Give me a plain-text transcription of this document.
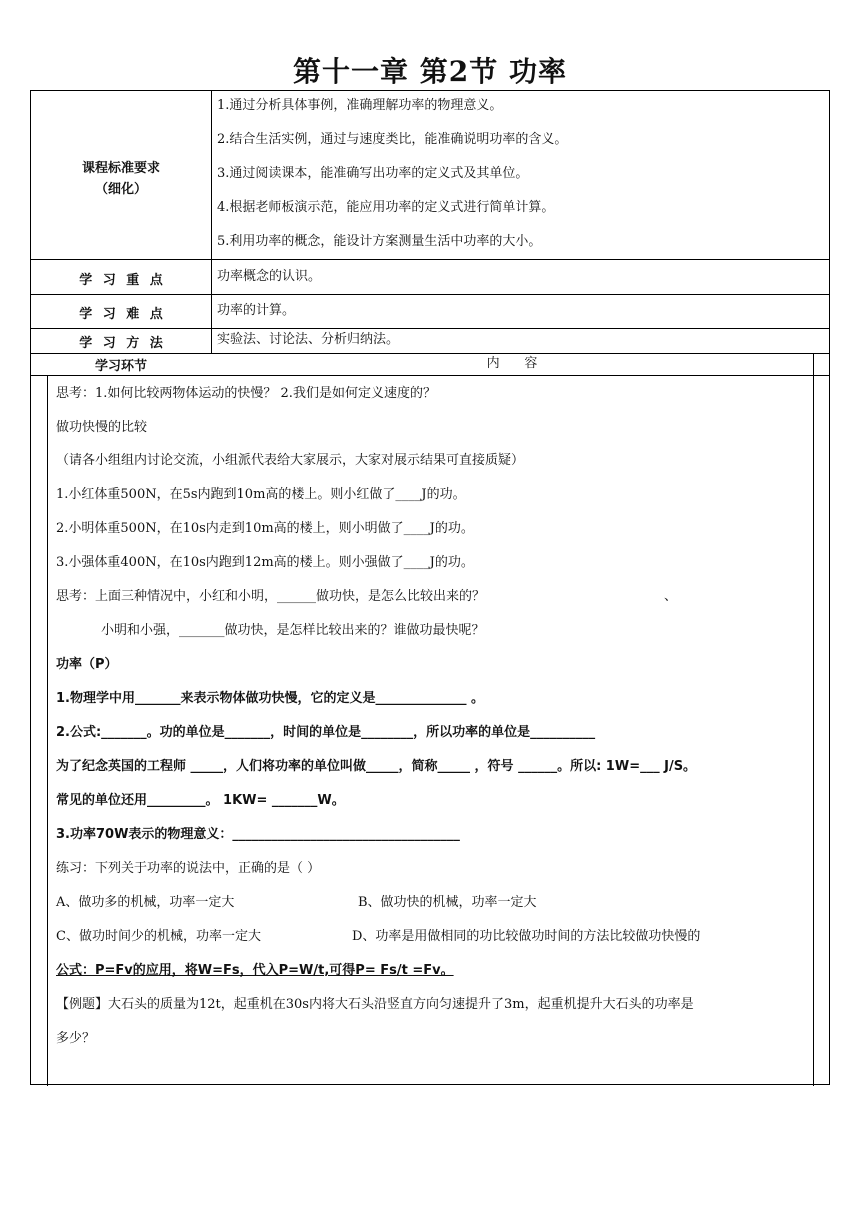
第十一章 第2节 功率
课程标准要求
（细化）
1.通过分析具体事例，准确理解功率的物理意义。
2.结合生活实例，通过与速度类比，能准确说明功率的含义。
3.通过阅读课本，能准确写出功率的定义式及其单位。
4.根据老师板演示范，能应用功率的定义式进行简单计算。
5.利用功率的概念，能设计方案测量生活中功率的大小。
学 习 重 点	功率概念的认识。
学 习 难 点	功率的计算。
学 习 方 法	实验法、讨论法、分析归纳法。
学习环节	内      容
思考：1.如何比较两物体运动的快慢？ 2.我们是如何定义速度的？
做功快慢的比较
（请各小组组内讨论交流，小组派代表给大家展示，大家对展示结果可直接质疑）
1.小红体重500N，在5s内跑到10m高的楼上。则小红做了____J的功。
2.小明体重500N，在10s内走到10m高的楼上，则小明做了____J的功。
3.小强体重400N，在10s内跑到12m高的楼上。则小强做了____J的功。
思考：上面三种情况中，小红和小明，______做功快，是怎么比较出来的？	、
小明和小强，_______做功快，是怎样比较出来的？谁做功最快呢？
功率（P）
1.物理学中用_______来表示物体做功快慢，它的定义是______________ 。
2.公式:_______。功的单位是_______，时间的单位是________，所以功率的单位是__________
为了纪念英国的工程师 _____，人们将功率的单位叫做_____，简称_____ ，符号 ______。所以: 1W=___ J/S。
常见的单位还用_________。 1KW= _______W。
3.功率70W表示的物理意义：___________________________________
练习：下列关于功率的说法中，正确的是（ ）
A、做功多的机械，功率一定大	B、做功快的机械，功率一定大
C、做功时间少的机械，功率一定大	D、功率是用做相同的功比较做功时间的方法比较做功快慢的
公式：P=Fv的应用，将W=Fs，代入P=W/t,可得P= Fs/t =Fv。
【例题】大石头的质量为12t，起重机在30s内将大石头沿竖直方向匀速提升了3m，起重机提升大石头的功率是
多少？
